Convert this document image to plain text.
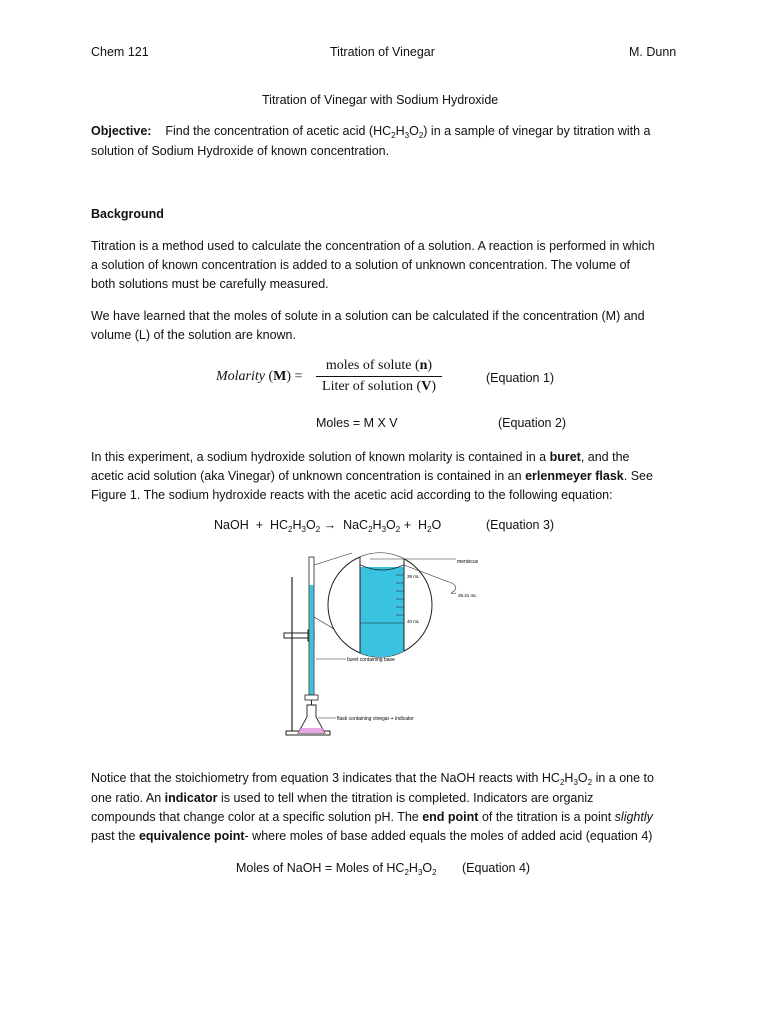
Chem 121	Titration of Vinegar	M. Dunn
Titration of Vinegar with Sodium Hydroxide
Objective: Find the concentration of acetic acid $(HC_2H_3O_2)$ in a sample of vinegar by titration with a
solution of Sodium Hydroxide of known concentration.
Background
Titration is a method used to calculate the concentration of a solution. A reaction is performed in which
a solution of known concentration is added to a solution of unknown concentration. The volume of
both solutions must be carefully measured.
We have learned that the moles of solute in a solution can be calculated if the concentration (M) and
volume (L) of the solution are known.
Molarity (M) =
moles of solute (n)
Liter of solution (V)
(Equation 1)
Moles = M X V	(Equation 2)
In this experiment, a sodium hydroxide solution of known molarity is contained in a buret, and the
acetic acid solution (aka Vinegar) of unknown concentration is contained in an erlenmeyer flask. See
Figure 1. The sodium hydroxide reacts with the acetic acid according to the following equation:
NaOH + $HC_2H_3O_2 \to NaC_2H_3O_2 + H_2O$	(Equation 3)
meniscus
39 mL
40 mL
39.31 mL
buret containing base
flask containing vinegar + indicator
Notice that the stoichiometry from equation 3 indicates that the NaOH reacts with $HC_2H_3O_2$ in a one to
one ratio. An indicator is used to tell when the titration is completed. Indicators are organiz
compounds that change color at a specific solution pH. The end point of the titration is a point slightly
past the equivalence point- where moles of base added equals the moles of added acid (equation 4)
Moles of NaOH = Moles of $HC_2H_3O_2$ (Equation 4)
